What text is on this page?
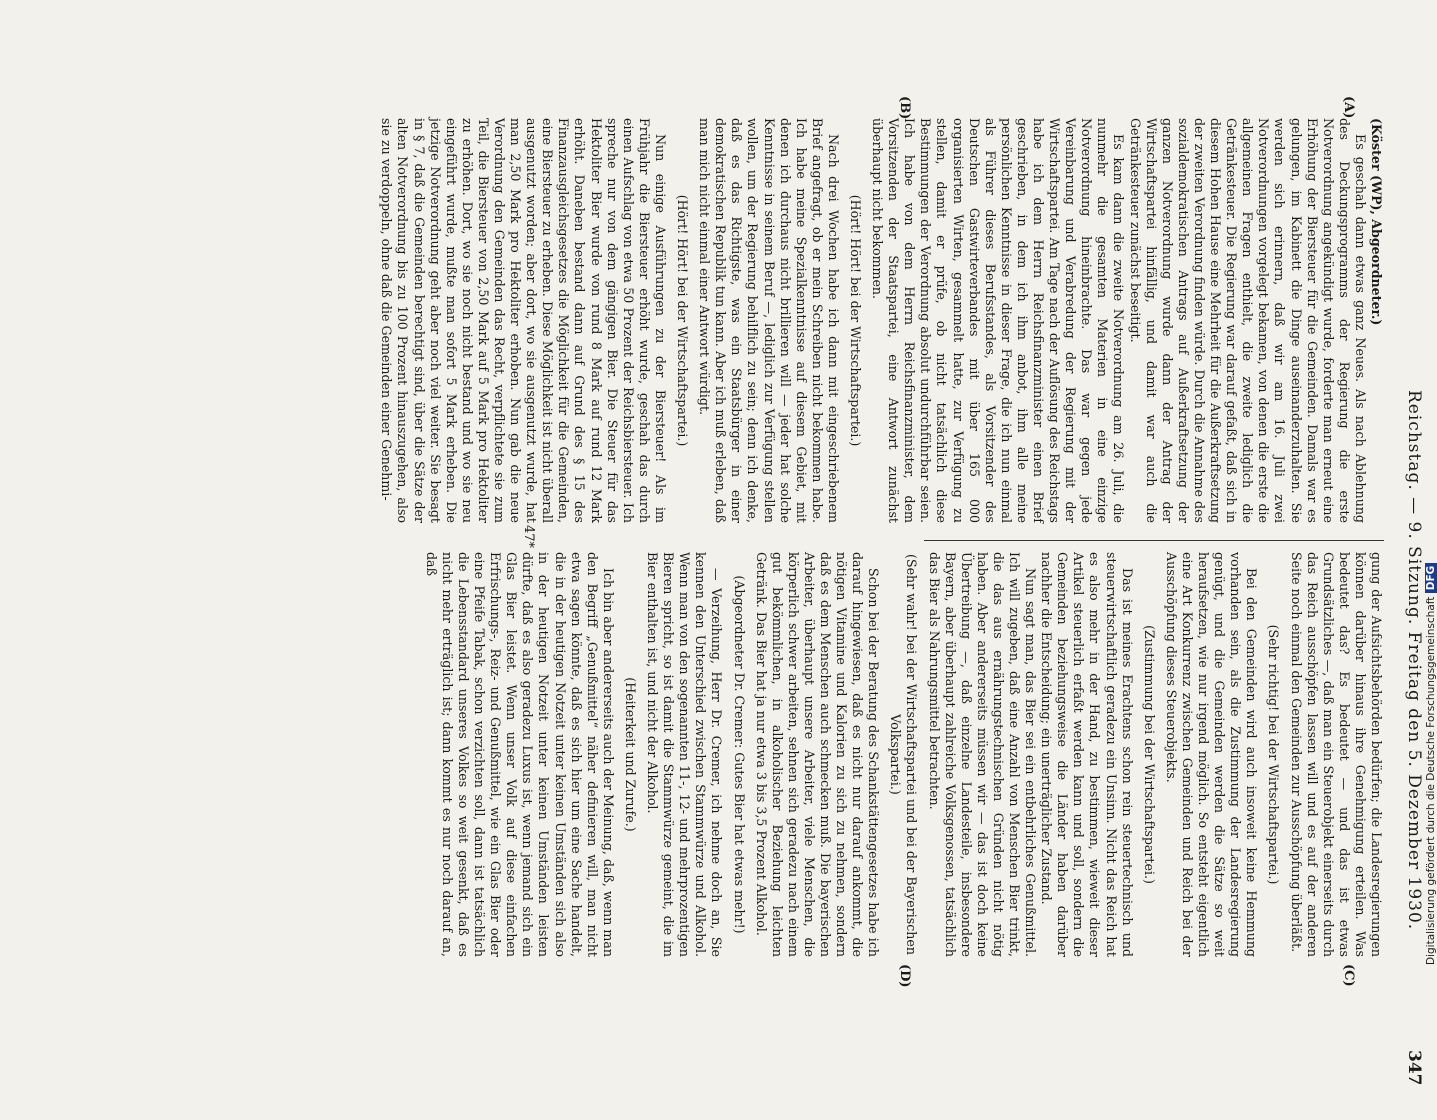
Reichstag. — 9. Sitzung. Freitag den 5. Dezember 1930.
347
(A)
(B)
(C)
(D)

(Köster (WP), Abgeordneter.)

Es geschah dann etwas ganz Neues. Als nach Ablehnung des Deckungsprogramms der Regierung die erste Notverordnung angekündigt wurde, forderte man erneut eine Erhöhung der Biersteuer für die Gemeinden. Damals war es gelungen, im Kabinett die Dinge auseinanderzuhalten. Sie werden sich erinnern, daß wir am 16. Juli zwei Notverordnungen vorgelegt bekamen, von denen die erste die allgemeinen Fragen enthielt, die zweite lediglich die Getränkesteuer. Die Regierung war darauf gefaßt, daß sich in diesem Hohen Hause eine Mehrheit für die Außerkraftsetzung der zweiten Verordnung finden würde. Durch die Annahme des sozialdemokratischen Antrags auf Außerkraftsetzung der ganzen Notverordnung wurde dann der Antrag der Wirtschaftspartei hinfällig, und damit war auch die Getränkesteuer zunächst beseitigt.

Es kam dann die zweite Notverordnung am 26. Juli, die nunmehr die gesamten Materien in eine einzige Notverordnung hineinbrachte. Das war gegen jede Vereinbarung und Verabredung der Regierung mit der Wirtschaftspartei. Am Tage nach der Auflösung des Reichstags habe ich dem Herrn Reichsfinanzminister einen Brief geschrieben, in dem ich ihm anbot, ihm alle meine persönlichen Kenntnisse in dieser Frage, die ich nun einmal als Führer dieses Berufsstandes, als Vorsitzender des Deutschen Gastwirteverbandes mit über 165 000 organisierten Wirten, gesammelt hatte, zur Verfügung zu stellen, damit er prüfe, ob nicht tatsächlich diese Bestimmungen der Verordnung absolut undurchführbar seien. Ich habe von dem Herrn Reichsfinanzminister, dem Vorsitzenden der Staatspartei, eine Antwort zunächst überhaupt nicht bekommen.

(Hört! Hört! bei der Wirtschaftspartei.)

Nach drei Wochen habe ich dann mit eingeschriebenem Brief angefragt, ob er mein Schreiben nicht bekommen habe. Ich habe meine Spezialkenntnisse auf diesem Gebiet, mit denen ich durchaus nicht brillieren will — jeder hat solche Kenntnisse in seinem Beruf —, lediglich zur Verfügung stellen wollen, um der Regierung behilflich zu sein; denn ich denke, daß es das Richtigste, was ein Staatsbürger in einer demokratischen Republik tun kann. Aber ich muß erleben, daß man mich nicht einmal einer Antwort würdigt.

(Hört! Hört! bei der Wirtschaftspartei.)

Nun einige Ausführungen zu der Biersteuer! Als im Frühjahr die Biersteuer erhöht wurde, geschah das durch einen Aufschlag von etwa 50 Prozent der Reichsbiersteuer. Ich spreche nur von dem gängigen Bier. Die Steuer für das Hektoliter Bier wurde von rund 8 Mark auf rund 12 Mark erhöht. Daneben bestand dann auf Grund des § 15 des Finanzausgleichsgesetzes die Möglichkeit für die Gemeinden, eine Biersteuer zu erheben. Diese Möglichkeit ist nicht überall ausgenutzt worden; aber dort, wo sie ausgenutzt wurde, hat man 2,50 Mark pro Hektoliter erhoben. Nun gab die neue Verordnung den Gemeinden das Recht, verpflichtete sie zum Teil, die Biersteuer von 2,50 Mark auf 5 Mark pro Hektoliter zu erhöhen. Dort, wo sie noch nicht bestand und wo sie neu eingeführt wurde, mußte man sofort 5 Mark erheben. Die jetzige Notverordnung geht aber noch viel weiter. Sie besagt in § 7, daß die Gemeinden berechtigt sind, über die Sätze der alten Notverordnung bis zu 100 Prozent hinauszugehen, also sie zu verdoppeln, ohne daß die Gemeinden einer Genehmi-

gung der Aufsichtsbehörden bedürfen; die Landesregierungen können darüber hinaus ihre Genehmigung erteilen. Was bedeutet das? Es bedeutet — und das ist etwas Grundsätzliches —, daß man ein Steuerobjekt einerseits durch das Reich ausschöpfen lassen will und es auf der anderen Seite noch einmal den Gemeinden zur Ausschöpfung überläßt.

(Sehr richtig! bei der Wirtschaftspartei.)

Bei den Gemeinden wird auch insoweit keine Hemmung vorhanden sein, als die Zustimmung der Landesregierung genügt, und die Gemeinden werden die Sätze so weit heraufsetzen, wie nur irgend möglich. So entsteht eigentlich eine Art Konkurrenz zwischen Gemeinden und Reich bei der Ausschöpfung dieses Steuerobjekts.

(Zustimmung bei der Wirtschaftspartei.)

Das ist meines Erachtens schon rein steuertechnisch und steuerwirtschaftlich geradezu ein Unsinn. Nicht das Reich hat es also mehr in der Hand, zu bestimmen, wieweit dieser Artikel steuerlich erfaßt werden kann und soll, sondern die Gemeinden beziehungsweise die Länder haben darüber nachher die Entscheidung; ein unerträglicher Zustand.

Nun sagt man, das Bier sei ein entbehrliches Genußmittel. Ich will zugeben, daß eine Anzahl von Menschen Bier trinkt, die das aus ernährungstechnischen Gründen nicht nötig haben. Aber andererseits müssen wir — das ist doch keine Übertreibung —, daß einzelne Landesteile, insbesondere Bayern, aber überhaupt zahlreiche Volksgenossen, tatsächlich das Bier als Nahrungsmittel betrachten.

(Sehr wahr! bei der Wirtschaftspartei und bei der Bayerischen Volkspartei.)

Schon bei der Beratung des Schankstättengesetzes habe ich darauf hingewiesen, daß es nicht nur darauf ankommt, die nötigen Vitamine und Kalorien zu sich zu nehmen, sondern daß es dem Menschen auch schmecken muß. Die bayerischen Arbeiter, überhaupt unsere Arbeiter, viele Menschen, die körperlich schwer arbeiten, sehnen sich geradezu nach einem gut bekömmlichen, in alkoholischer Beziehung leichten Getränk. Das Bier hat ja nur etwa 3 bis 3,5 Prozent Alkohol.

(Abgeordneter Dr. Cremer: Gutes Bier hat etwas mehr!)

— Verzeihung, Herr Dr. Cremer, ich nehme doch an, Sie kennen den Unterschied zwischen Stammwürze und Alkohol. Wenn man von den sogenannten 11-, 12- und mehrprozentigen Bieren spricht, so ist damit die Stammwürze gemeint, die im Bier enthalten ist, und nicht der Alkohol.

(Heiterkeit und Zurufe.)

Ich bin aber andererseits auch der Meinung, daß, wenn man den Begriff „Genußmittel“ näher definieren will, man nicht etwa sagen könnte, daß es sich hier um eine Sache handelt, die in der heutigen Notzeit unter keinen Umständen sich also in der heutigen Notzeit unter keinen Umständen leisten dürfte, daß es also geradezu Luxus ist, wenn jemand sich ein Glas Bier leistet. Wenn unser Volk auf diese einfachen Erfrischungs-, Reiz- und Genußmittel, wie ein Glas Bier oder eine Pfeife Tabak, schon verzichten soll, dann ist tatsächlich die Lebensstandard unseres Volkes so weit gesenkt, daß es nicht mehr erträglich ist; dann kommt es nur noch darauf an, daß

47*
Digitalisierung gefördert durch die Deutsche Forschungsgemeinschaft DFG
